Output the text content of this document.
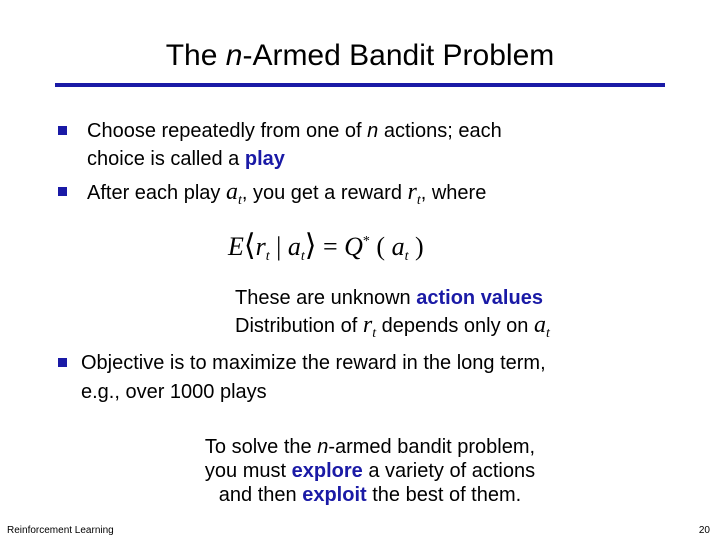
The n-Armed Bandit Problem
Choose repeatedly from one of n actions; each
choice is called a play
After each play $a_t$, you get a reward $r_t$, where
$E⟨r_t$ | $a_t⟩ = Q^*$ ( $a_t$ )
These are unknown action values
Distribution of $r_t$ depends only on $a_t$
Objective is to maximize the reward in the long term,
e.g., over 1000 plays
To solve the n-armed bandit problem,
you must explore a variety of actions
and then exploit the best of them.
Reinforcement Learning	20
